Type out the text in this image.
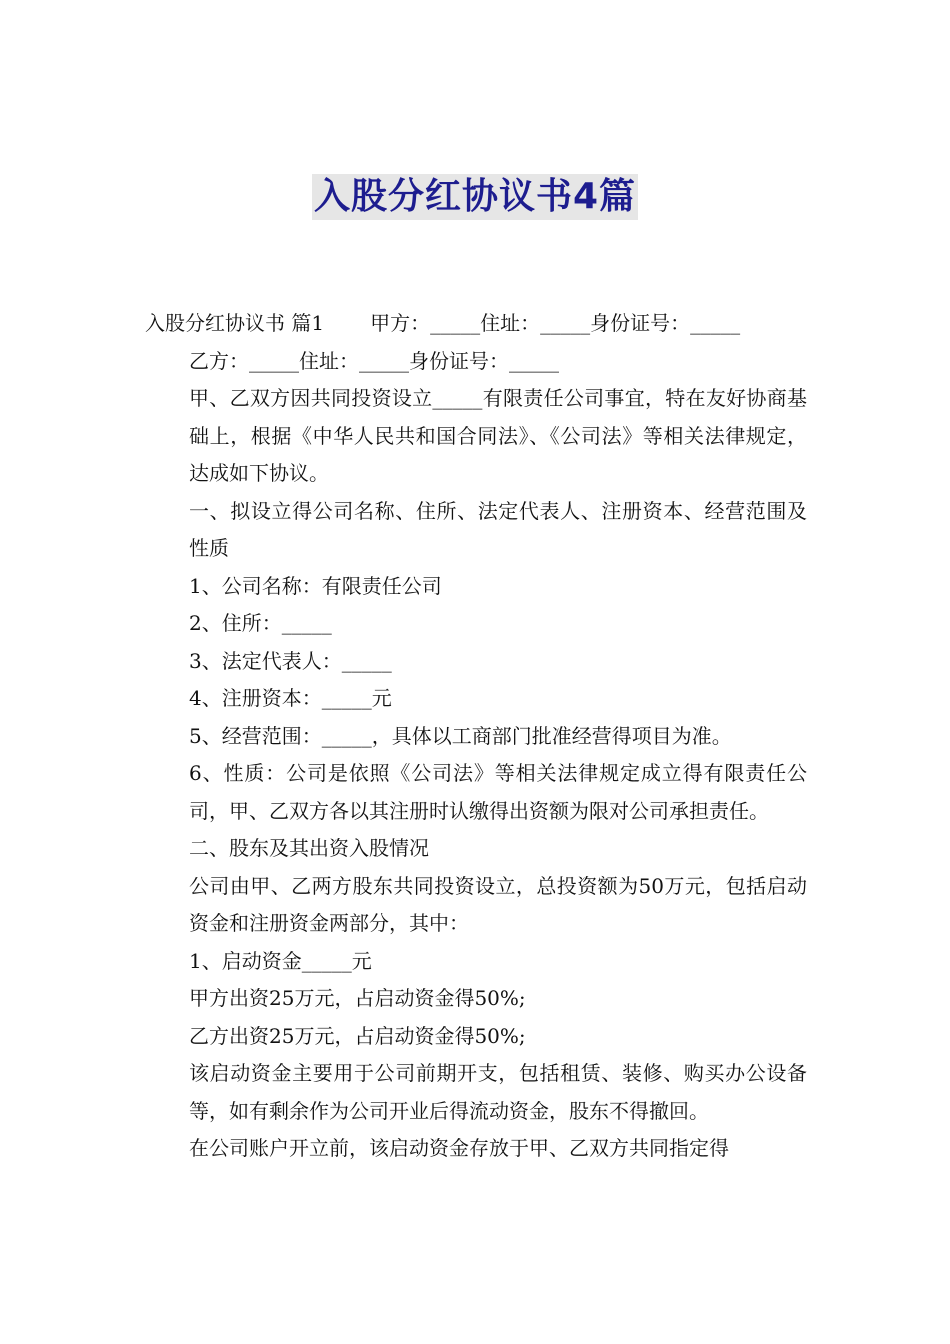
入股分红协议书4篇

入股分红协议书 篇1 甲方：_____住址：_____身份证号：_____

乙方：_____住址：_____身份证号：_____

甲、乙双方因共同投资设立_____有限责任公司事宜，特在友好协商基础上，根据《中华人民共和国合同法》、《公司法》等相关法律规定，达成如下协议。

一、拟设立得公司名称、住所、法定代表人、注册资本、经营范围及性质

1、公司名称：有限责任公司

2、住所：_____

3、法定代表人：_____

4、注册资本：_____元

5、经营范围：_____，具体以工商部门批准经营得项目为准。

6、性质：公司是依照《公司法》等相关法律规定成立得有限责任公司，甲、乙双方各以其注册时认缴得出资额为限对公司承担责任。

二、股东及其出资入股情况

公司由甲、乙两方股东共同投资设立，总投资额为50万元，包括启动资金和注册资金两部分，其中：

1、启动资金_____元

甲方出资25万元，占启动资金得50%;

乙方出资25万元，占启动资金得50%;

该启动资金主要用于公司前期开支，包括租赁、装修、购买办公设备等，如有剩余作为公司开业后得流动资金，股东不得撤回。

在公司账户开立前，该启动资金存放于甲、乙双方共同指定得
